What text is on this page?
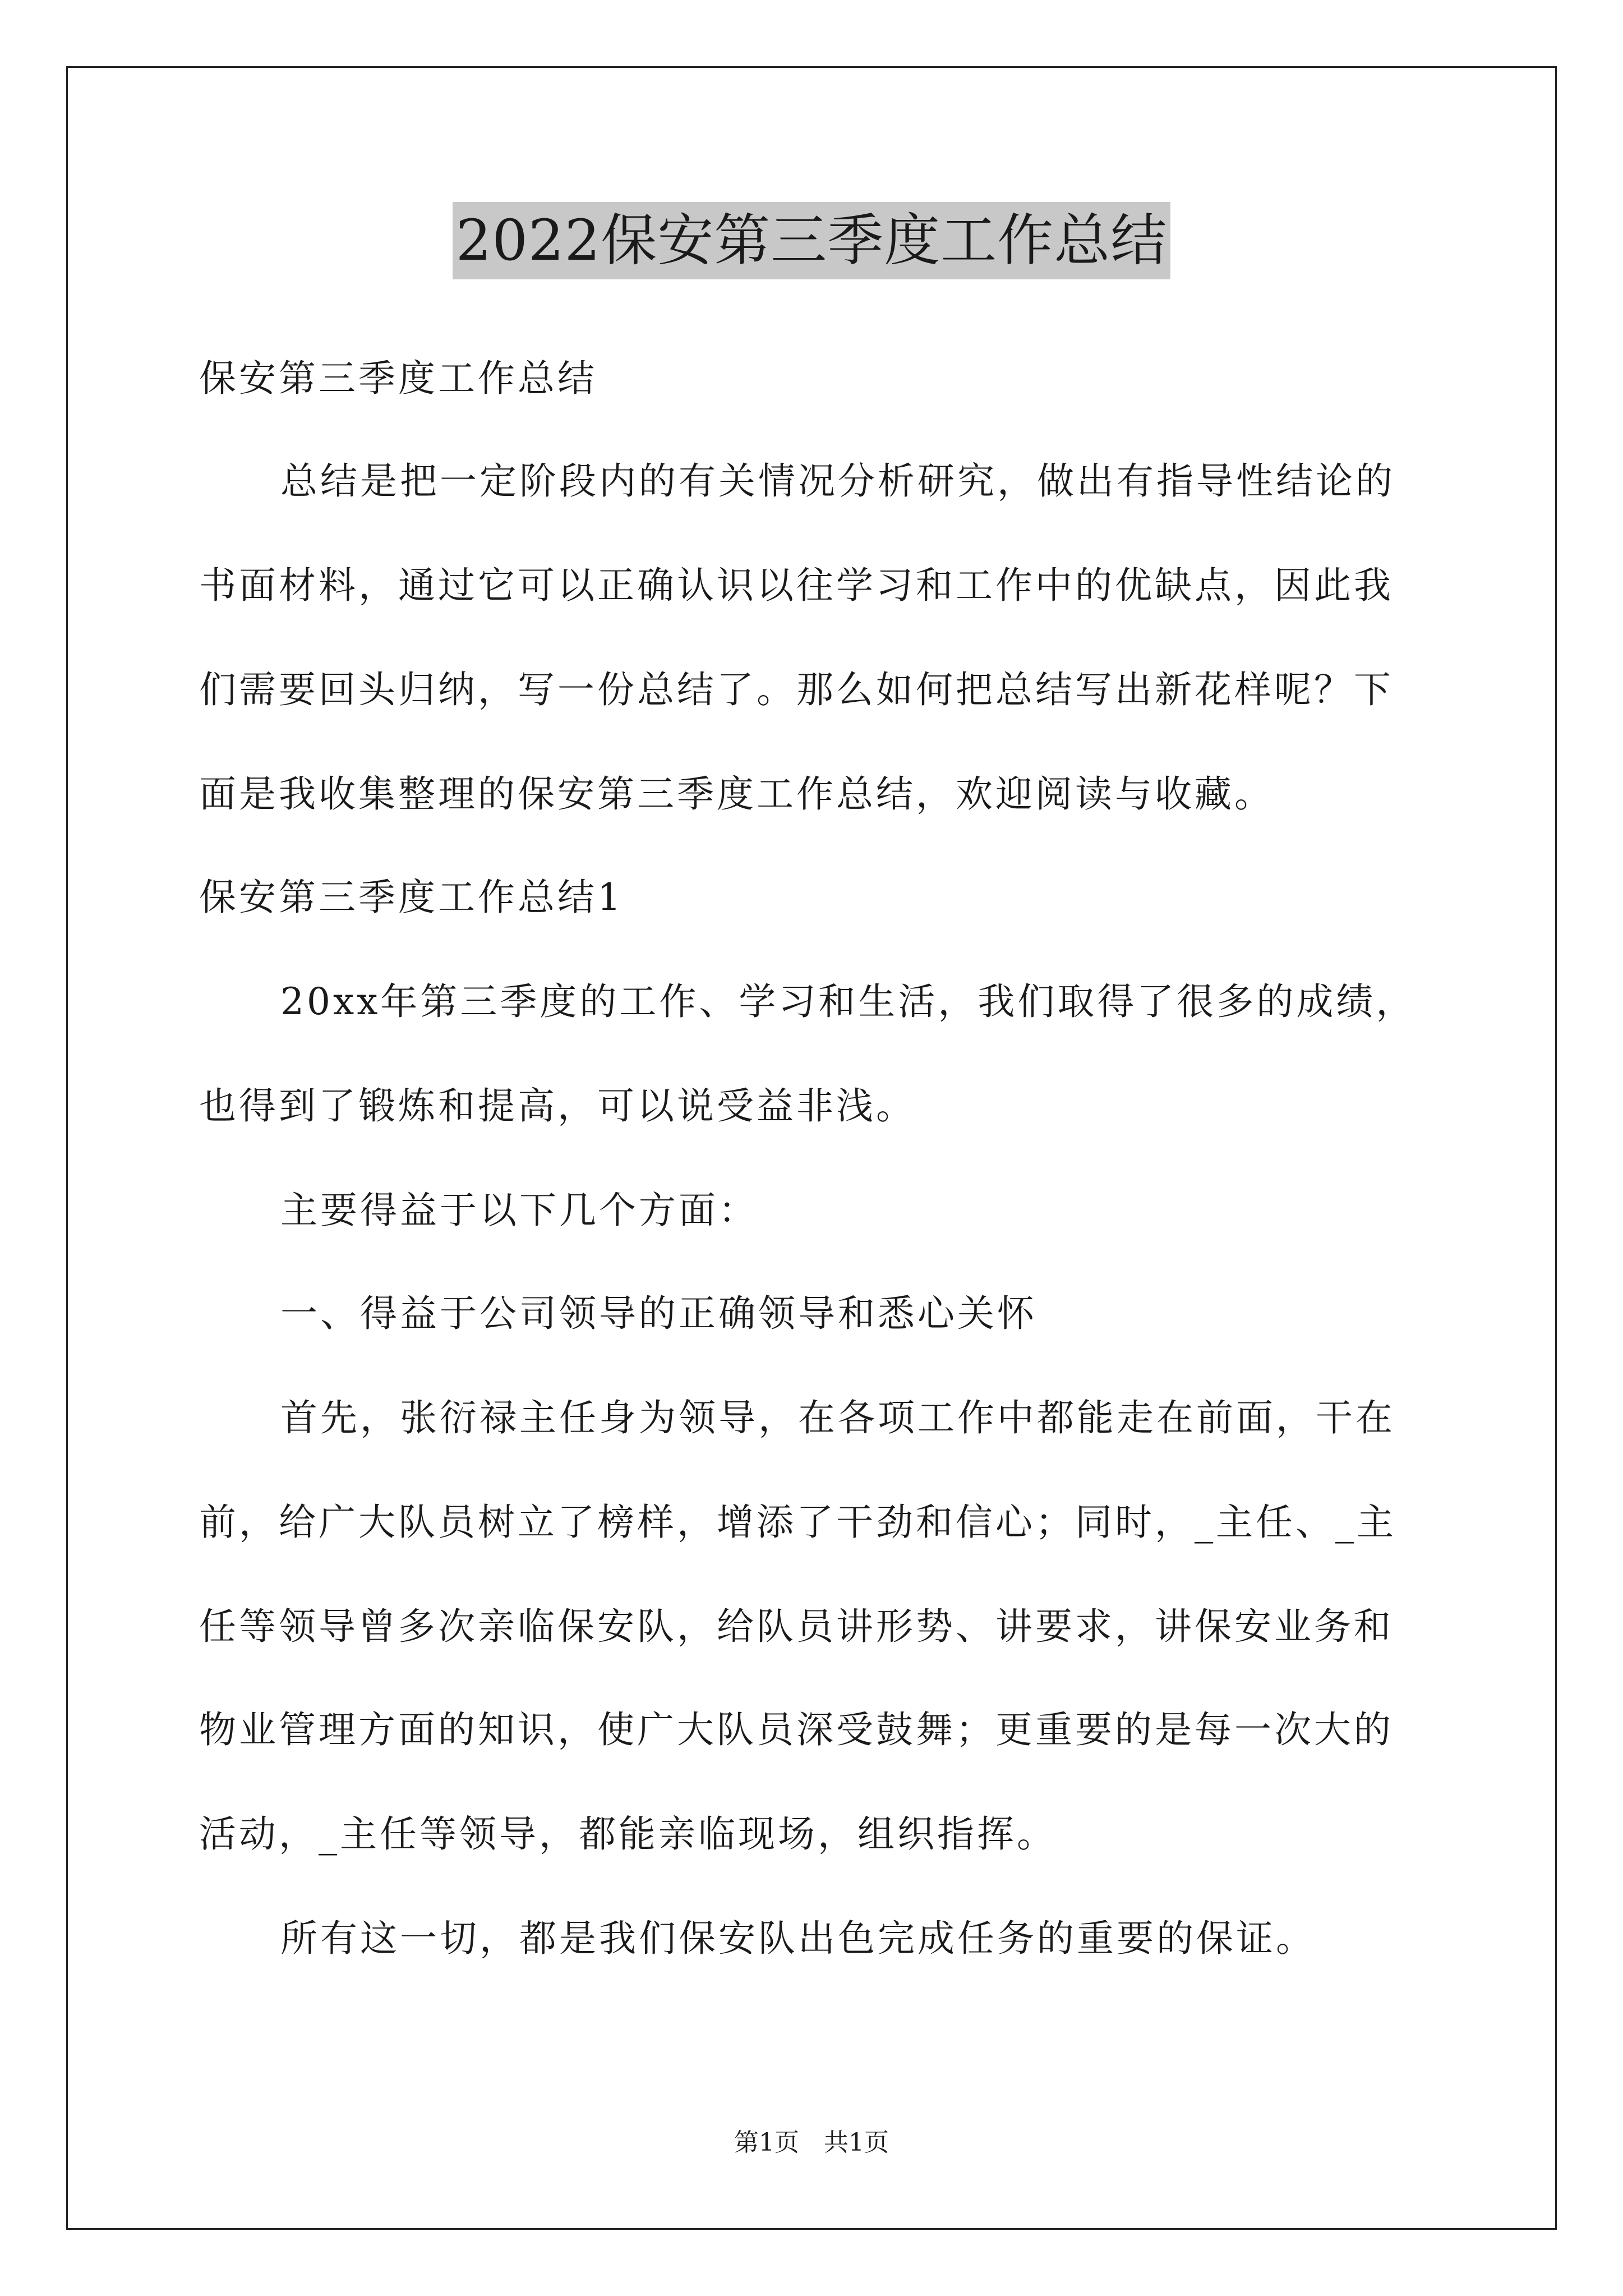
2022保安第三季度工作总结
保安第三季度工作总结
总结是把一定阶段内的有关情况分析研究，做出有指导性结论的
书面材料，通过它可以正确认识以往学习和工作中的优缺点，因此我
们需要回头归纳，写一份总结了。那么如何把总结写出新花样呢？下
面是我收集整理的保安第三季度工作总结，欢迎阅读与收藏。
保安第三季度工作总结1
20xx年第三季度的工作、学习和生活，我们取得了很多的成绩，
也得到了锻炼和提高，可以说受益非浅。
主要得益于以下几个方面：
一、得益于公司领导的正确领导和悉心关怀
首先，张衍禄主任身为领导，在各项工作中都能走在前面，干在
前，给广大队员树立了榜样，增添了干劲和信心；同时，_主任、_主
任等领导曾多次亲临保安队，给队员讲形势、讲要求，讲保安业务和
物业管理方面的知识，使广大队员深受鼓舞；更重要的是每一次大的
活动，_主任等领导，都能亲临现场，组织指挥。
所有这一切，都是我们保安队出色完成任务的重要的保证。
第1页　共1页
